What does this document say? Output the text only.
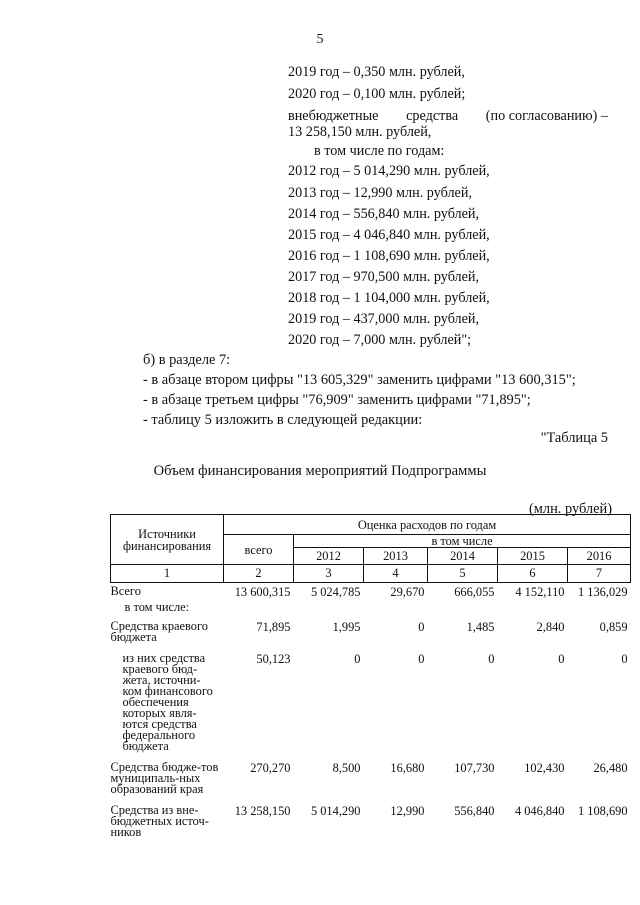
5
2019 год – 0,350 млн. рублей,
2020 год – 0,100 млн. рублей;
внебюджетные средства (по согласованию) –
13 258,150 млн. рублей,
в том числе по годам:
2012 год – 5 014,290 млн. рублей,
2013 год – 12,990 млн. рублей,
2014 год – 556,840 млн. рублей,
2015 год – 4 046,840 млн. рублей,
2016 год – 1 108,690 млн. рублей,
2017 год – 970,500 млн. рублей,
2018 год – 1 104,000 млн. рублей,
2019 год – 437,000 млн. рублей,
2020 год – 7,000 млн. рублей";
б) в разделе 7:
- в абзаце втором цифры "13 605,329" заменить цифрами "13 600,315";
- в абзаце третьем цифры "76,909" заменить цифрами "71,895";
- таблицу 5 изложить в следующей редакции:
"Таблица 5
Объем финансирования мероприятий Подпрограммы
(млн. рублей)
Источники финансирования	Оценка расходов по годам					
	всего	в том числе				
		2012	2013	2014	2015	2016
1	2	3	4	5	6	7
Всего	13 600,315	5 024,785	29,670	666,055	4 152,110	1 136,029
в том числе:						
Средства краевого бюджета	71,895	1,995	0	1,485	2,840	0,859
из них средства краевого бюд-жета, источни-ком финансового обеспечения которых явля-ются средства федерального бюджета	50,123	0	0	0	0	0
Средства бюдже-тов муниципаль-ных образований края	270,270	8,500	16,680	107,730	102,430	26,480
Средства из вне-бюджетных источ-ников	13 258,150	5 014,290	12,990	556,840	4 046,840	1 108,690
